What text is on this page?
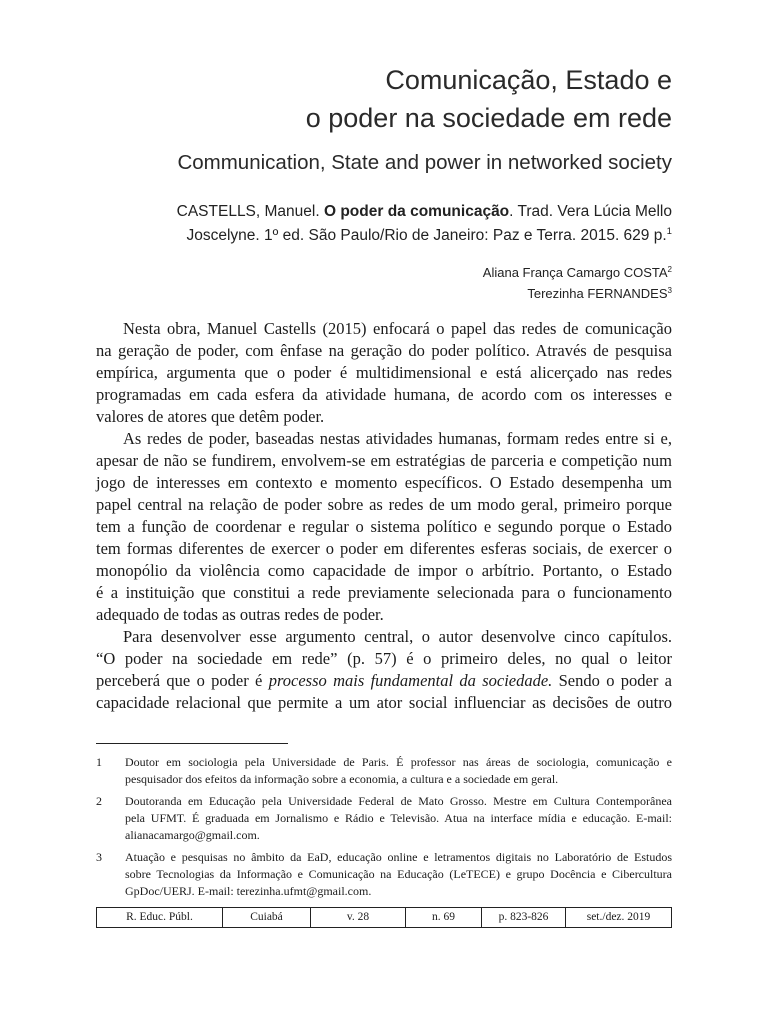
Comunicação, Estado e
o poder na sociedade em rede
Communication, State and power in networked society
CASTELLS, Manuel. O poder da comunicação. Trad. Vera Lúcia Mello
Joscelyne. 1º ed. São Paulo/Rio de Janeiro: Paz e Terra. 2015. 629 p.$^1$
Aliana França Camargo COSTA$^2$
Terezinha FERNANDES$^3$
Nesta obra, Manuel Castells (2015) enfocará o papel das redes de comunicação
na geração de poder, com ênfase na geração do poder político. Através de pesquisa
empírica, argumenta que o poder é multidimensional e está alicerçado nas redes
programadas em cada esfera da atividade humana, de acordo com os interesses e
valores de atores que detêm poder.
As redes de poder, baseadas nestas atividades humanas, formam redes entre si e,
apesar de não se fundirem, envolvem-se em estratégias de parceria e competição num
jogo de interesses em contexto e momento específicos. O Estado desempenha um
papel central na relação de poder sobre as redes de um modo geral, primeiro porque
tem a função de coordenar e regular o sistema político e segundo porque o Estado
tem formas diferentes de exercer o poder em diferentes esferas sociais, de exercer o
monopólio da violência como capacidade de impor o arbítrio. Portanto, o Estado
é a instituição que constitui a rede previamente selecionada para o funcionamento
adequado de todas as outras redes de poder.
Para desenvolver esse argumento central, o autor desenvolve cinco capítulos.
“O poder na sociedade em rede” (p. 57) é o primeiro deles, no qual o leitor
perceberá que o poder é processo mais fundamental da sociedade. Sendo o poder a
capacidade relacional que permite a um ator social influenciar as decisões de outro
1 Doutor em sociologia pela Universidade de Paris. É professor nas áreas de sociologia, comunicação e
pesquisador dos efeitos da informação sobre a economia, a cultura e a sociedade em geral.
2 Doutoranda em Educação pela Universidade Federal de Mato Grosso. Mestre em Cultura Contemporânea
pela UFMT. É graduada em Jornalismo e Rádio e Televisão. Atua na interface mídia e educação. E-mail:
alianacamargo@gmail.com.
3 Atuação e pesquisas no âmbito da EaD, educação online e letramentos digitais no Laboratório de Estudos
sobre Tecnologias da Informação e Comunicação na Educação (LeTECE) e grupo Docência e Cibercultura
GpDoc/UERJ. E-mail: terezinha.ufmt@gmail.com.
R. Educ. Públ.	Cuiabá	v. 28	n. 69	p. 823-826	set./dez. 2019
